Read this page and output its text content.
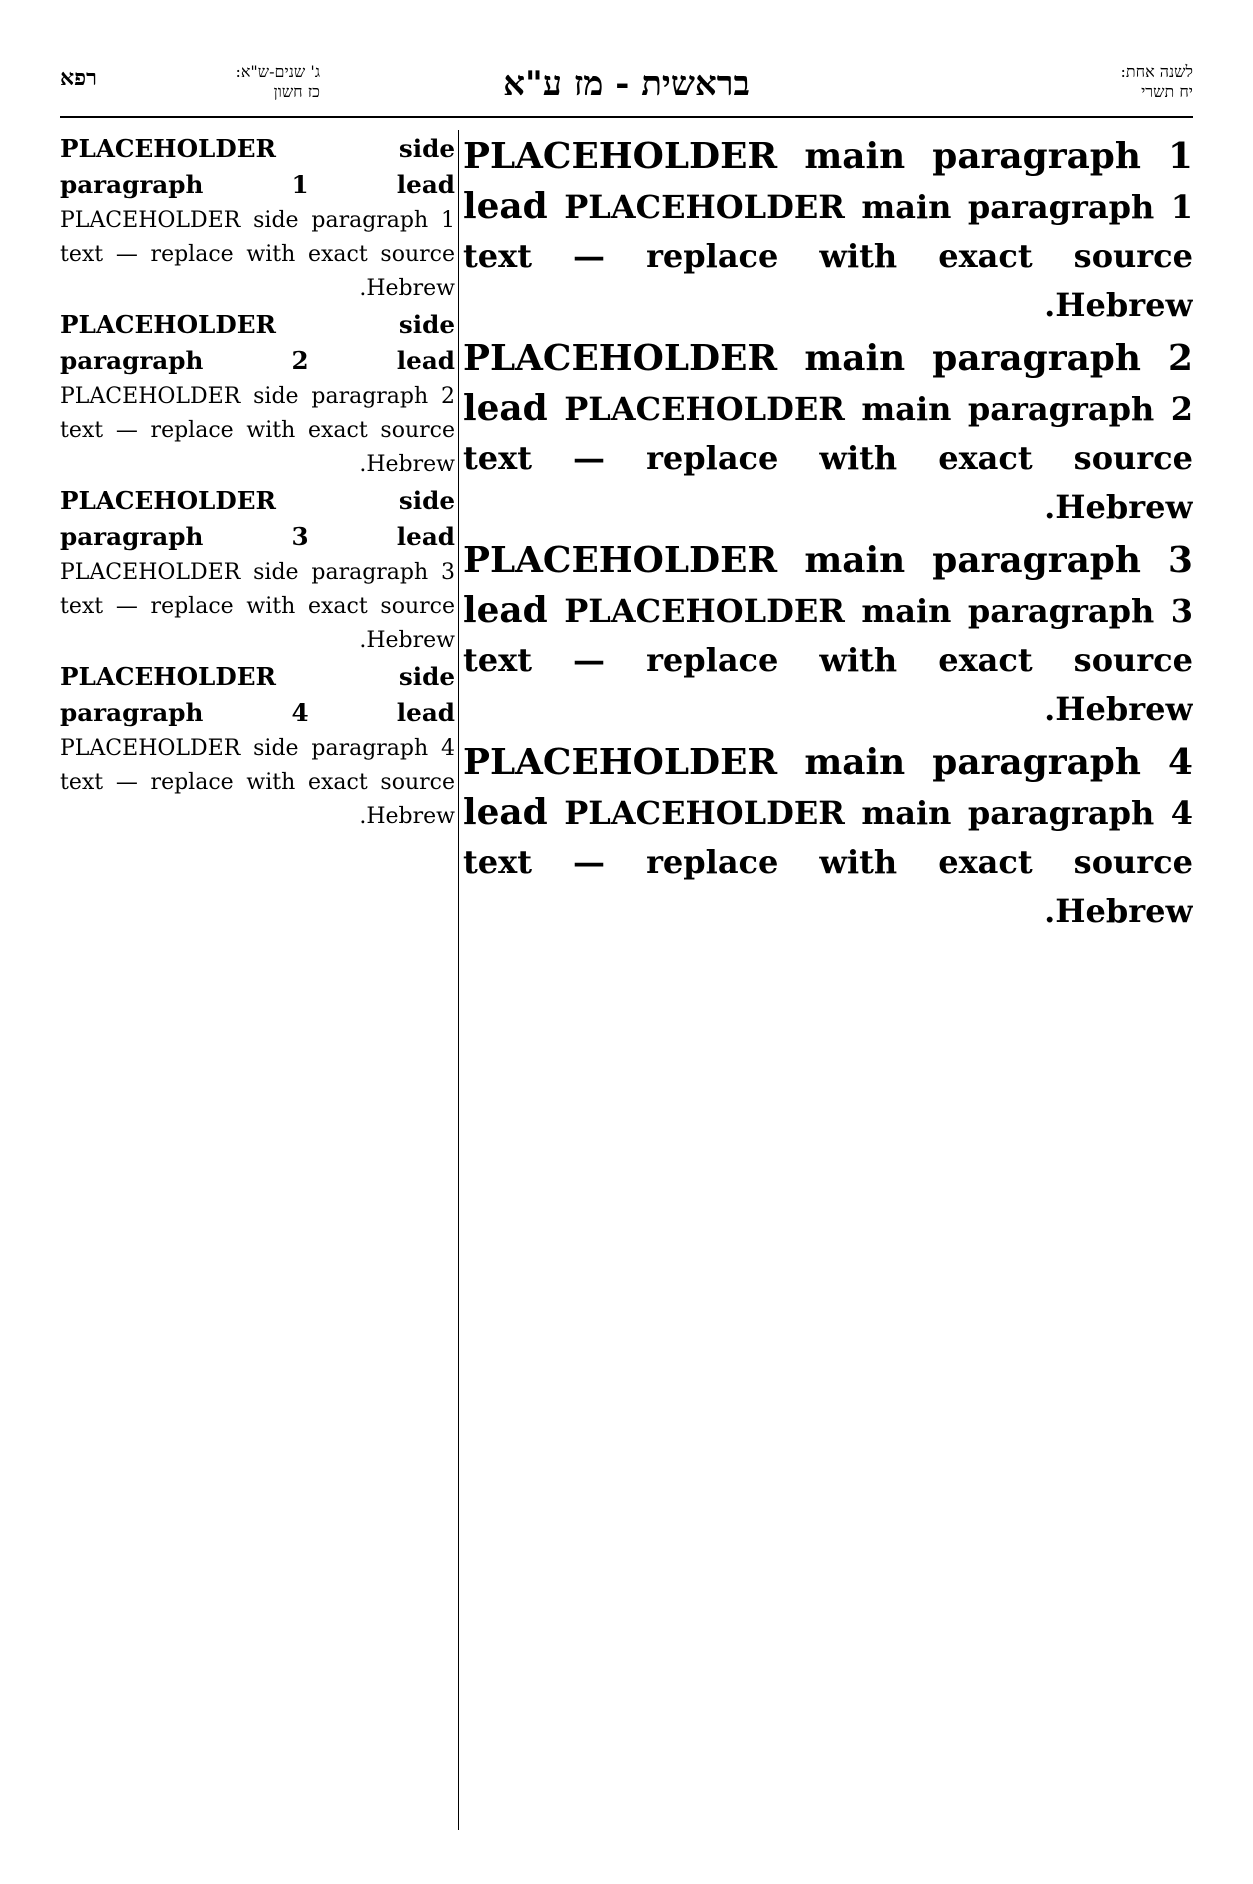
לשנה אחת:
יח תשרי
בראשית - מז ע"א
רפא	ג' שנים-ש"א:
כז חשון

PLACEHOLDER main paragraph 1 lead PLACEHOLDER main paragraph 1 text — replace with exact source Hebrew.

PLACEHOLDER main paragraph 2 lead PLACEHOLDER main paragraph 2 text — replace with exact source Hebrew.

PLACEHOLDER main paragraph 3 lead PLACEHOLDER main paragraph 3 text — replace with exact source Hebrew.

PLACEHOLDER main paragraph 4 lead PLACEHOLDER main paragraph 4 text — replace with exact source Hebrew.

PLACEHOLDER side paragraph 1 lead PLACEHOLDER side paragraph 1 text — replace with exact source Hebrew.

PLACEHOLDER side paragraph 2 lead PLACEHOLDER side paragraph 2 text — replace with exact source Hebrew.

PLACEHOLDER side paragraph 3 lead PLACEHOLDER side paragraph 3 text — replace with exact source Hebrew.

PLACEHOLDER side paragraph 4 lead PLACEHOLDER side paragraph 4 text — replace with exact source Hebrew.
